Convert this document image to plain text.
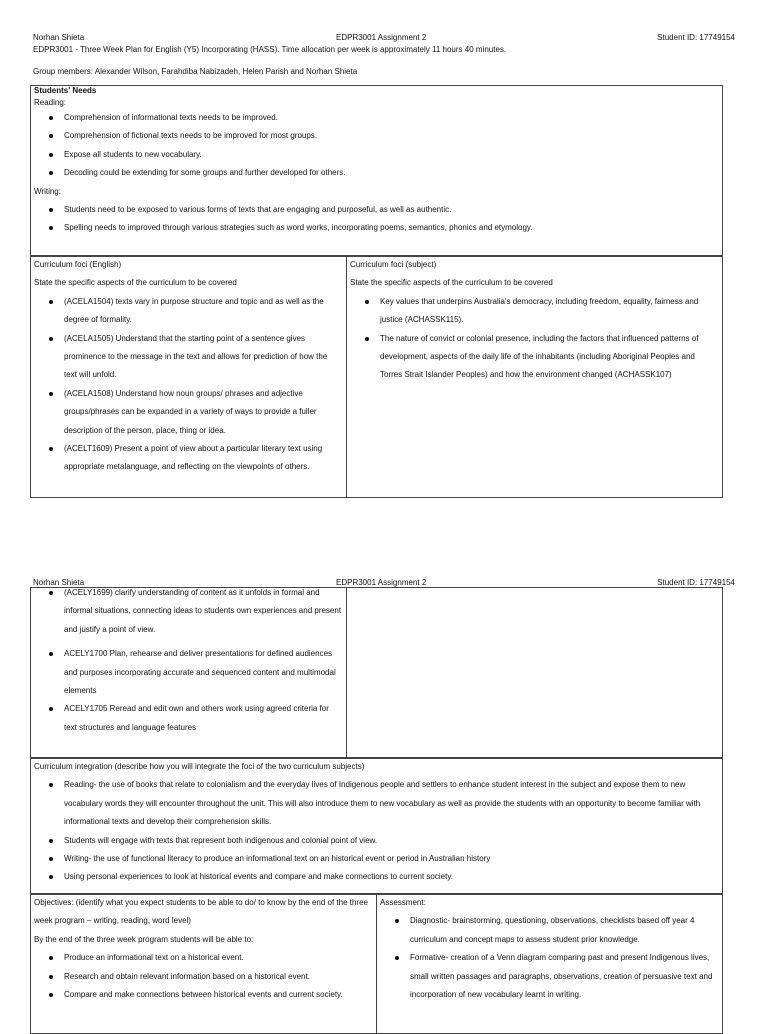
Norhan Shieta	EDPR3001 Assignment 2	Student ID: 17749154
EDPR3001 - Three Week Plan for English (Y5) Incorporating (HASS). Time allocation per week is approximately 11 hours 40 minutes.
Group members: Alexander Wilson, Farahdiba Nabizadeh, Helen Parish and Norhan Shieta

Students' Needs

Reading:

Comprehension of informational texts needs to be improved.
Comprehension of fictional texts needs to be improved for most groups.
Expose all students to new vocabulary.
Decoding could be extending for some groups and further developed for others.

Writing:

Students need to be exposed to various forms of texts that are engaging and purposeful, as well as authentic.
Spelling needs to improved through various strategies such as word works, incorporating poems, semantics, phonics and etymology.

Curriculum foci (English)

State the specific aspects of the curriculum to be covered

(ACELA1504) texts vary in purpose structure and topic and as well as the degree of formality.
(ACELA1505) Understand that the starting point of a sentence gives prominence to the message in the text and allows for prediction of how the text will unfold.
(ACELA1508) Understand how noun groups/ phrases and adjective groups/phrases can be expanded in a variety of ways to provide a fuller description of the person, place, thing or idea.
(ACELT1609) Present a point of view about a particular literary text using appropriate metalanguage, and reflecting on the viewpoints of others.

Curriculum foci (subject)

State the specific aspects of the curriculum to be covered

Key values that underpins Australia's democracy, including freedom, equality, fairness and justice (ACHASSK115).
The nature of convict or colonial presence, including the factors that influenced patterns of development, aspects of the daily life of the inhabitants (including Aboriginal Peoples and Torres Strait Islander Peoples) and how the environment changed (ACHASSK107)
Norhan Shieta	EDPR3001 Assignment 2	Student ID: 17749154
(ACELY1699) clarify understanding of content as it unfolds in formal and informal situations, connecting ideas to students own experiences and present and justify a point of view.
ACELY1700 Plan, rehearse and deliver presentations for defined audiences and purposes incorporating accurate and sequenced content and multimodal elements
ACELY1705 Reread and edit own and others work using agreed criteria for text structures and language features

Curriculum integration (describe how you will integrate the foci of the two curriculum subjects)

Reading- the use of books that relate to colonialism and the everyday lives of Indigenous people and settlers to enhance student interest in the subject and expose them to new vocabulary words they will encounter throughout the unit. This will also introduce them to new vocabulary as well as provide the students with an opportunity to become familiar with informational texts and develop their comprehension skills.
Students will engage with texts that represent both indigenous and colonial point of view.
Writing- the use of functional literacy to produce an informational text on an historical event or period in Australian history
Using personal experiences to look at historical events and compare and make connections to current society.

Objectives: (identify what you expect students to be able to do/ to know by the end of the three week program – writing, reading, word level)

By the end of the three week program students will be able to:

Produce an informational text on a historical event.
Research and obtain relevant information based on a historical event.
Compare and make connections between historical events and current society.

Assessment:

Diagnostic- brainstorming, questioning, observations, checklists based off year 4 curriculum and concept maps to assess student prior knowledge.
Formative- creation of a Venn diagram comparing past and present Indigenous lives, small written passages and paragraphs, observations, creation of persuasive text and incorporation of new vocabulary learnt in writing.
